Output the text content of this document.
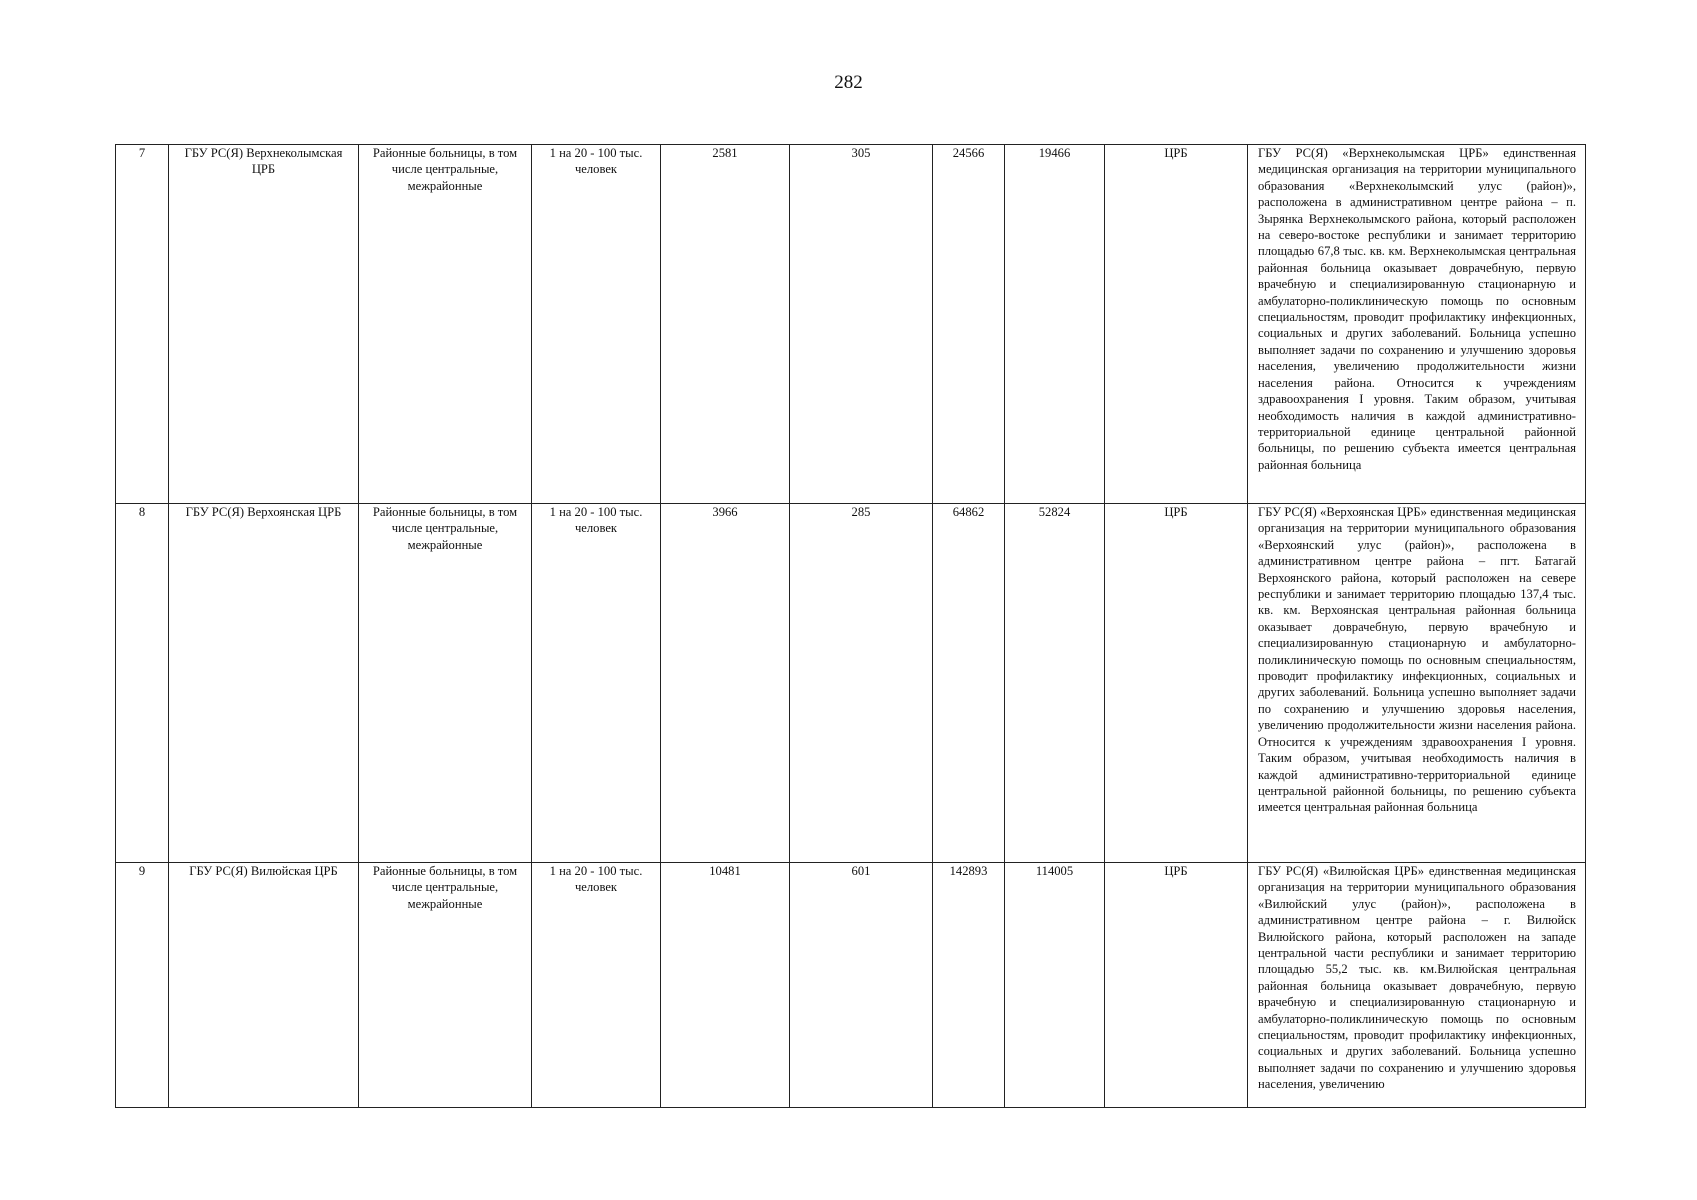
282
7	ГБУ РС(Я) Верхнеколымская ЦРБ	Районные больницы, в том числе центральные, межрайонные	1 на 20 - 100 тыс. человек	2581	305	24566	19466	ЦРБ	ГБУ РС(Я) «Верхнеколымская ЦРБ» единственная медицинская организация на территории муниципального образования «Верхнеколымский улус (район)», расположена в административном центре района – п. Зырянка Верхнеколымского района, который расположен на северо-востоке республики и занимает территорию площадью 67,8 тыс. кв. км. Верхнеколымская центральная районная больница оказывает доврачебную, первую врачебную и специализированную стационарную и амбулаторно-поликлиническую помощь по основным специальностям, проводит профилактику инфекционных, социальных и других заболеваний. Больница успешно выполняет задачи по сохранению и улучшению здоровья населения, увеличению продолжительности жизни населения района. Относится к учреждениям здравоохранения I уровня. Таким образом, учитывая необходимость наличия в каждой административно-территориальной единице центральной районной больницы, по решению субъекта имеется центральная районная больница
8	ГБУ РС(Я) Верхоянская ЦРБ	Районные больницы, в том числе центральные, межрайонные	1 на 20 - 100 тыс. человек	3966	285	64862	52824	ЦРБ	ГБУ РС(Я) «Верхоянская ЦРБ» единственная медицинская организация на территории муниципального образования «Верхоянский улус (район)», расположена в административном центре района – пгт. Батагай Верхоянского района, который расположен на севере республики и занимает территорию площадью 137,4 тыс. кв. км. Верхоянская центральная районная больница оказывает доврачебную, первую врачебную и специализированную стационарную и амбулаторно-поликлиническую помощь по основным специальностям, проводит профилактику инфекционных, социальных и других заболеваний. Больница успешно выполняет задачи по сохранению и улучшению здоровья населения, увеличению продолжительности жизни населения района. Относится к учреждениям здравоохранения I уровня. Таким образом, учитывая необходимость наличия в каждой административно-территориальной единице центральной районной больницы, по решению субъекта имеется центральная районная больница
9	ГБУ РС(Я) Вилюйская ЦРБ	Районные больницы, в том числе центральные, межрайонные	1 на 20 - 100 тыс. человек	10481	601	142893	114005	ЦРБ	ГБУ РС(Я) «Вилюйская ЦРБ» единственная медицинская организация на территории муниципального образования «Вилюйский улус (район)», расположена в административном центре района – г. Вилюйск Вилюйского района, который расположен на западе центральной части республики и занимает территорию площадью 55,2 тыс. кв. км.Вилюйская центральная районная больница оказывает доврачебную, первую врачебную и специализированную стационарную и амбулаторно-поликлиническую помощь по основным специальностям, проводит профилактику инфекционных, социальных и других заболеваний. Больница успешно выполняет задачи по сохранению и улучшению здоровья населения, увеличению
